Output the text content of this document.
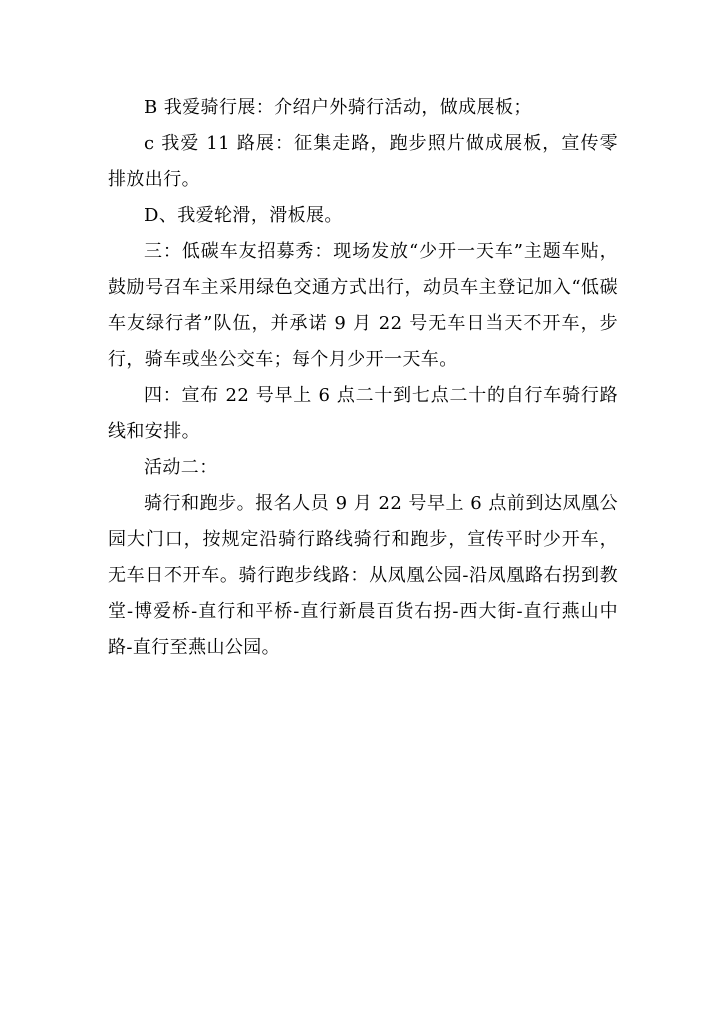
B 我爱骑行展：介绍户外骑行活动，做成展板；

c 我爱 11 路展：征集走路，跑步照片做成展板，宣传零排放出行。

D、我爱轮滑，滑板展。

三：低碳车友招募秀：现场发放“少开一天车”主题车贴，鼓励号召车主采用绿色交通方式出行，动员车主登记加入“低碳车友绿行者”队伍，并承诺 9 月 22 号无车日当天不开车，步行，骑车或坐公交车；每个月少开一天车。

四：宣布 22 号早上 6 点二十到七点二十的自行车骑行路线和安排。

活动二：

骑行和跑步。报名人员 9 月 22 号早上 6 点前到达凤凰公园大门口，按规定沿骑行路线骑行和跑步，宣传平时少开车，无车日不开车。骑行跑步线路：从凤凰公园-沿凤凰路右拐到教堂-博爱桥-直行和平桥-直行新晨百货右拐-西大街-直行燕山中路-直行至燕山公园。
